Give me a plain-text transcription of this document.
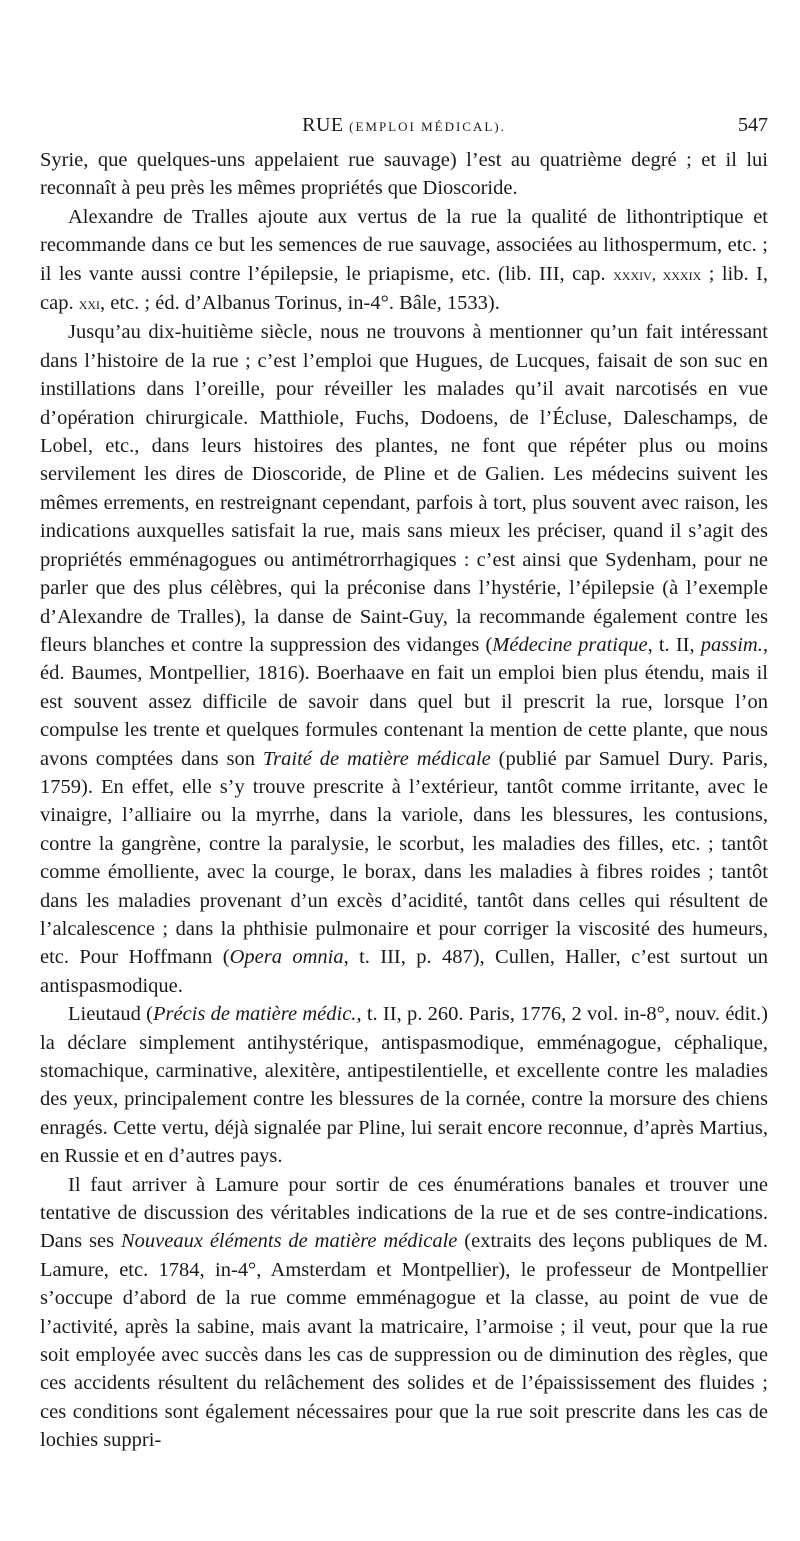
RUE (EMPLOI MÉDICAL).	547

Syrie, que quelques-uns appelaient rue sauvage) l’est au quatrième degré ; et il lui reconnaît à peu près les mêmes propriétés que Dioscoride.

Alexandre de Tralles ajoute aux vertus de la rue la qualité de lithontriptique et recommande dans ce but les semences de rue sauvage, associées au lithospermum, etc. ; il les vante aussi contre l’épilepsie, le priapisme, etc. (lib. III, cap. xxxiv, xxxix ; lib. I, cap. xxi, etc. ; éd. d’Albanus Torinus, in-4°. Bâle, 1533).

Jusqu’au dix-huitième siècle, nous ne trouvons à mentionner qu’un fait intéressant dans l’histoire de la rue ; c’est l’emploi que Hugues, de Lucques, faisait de son suc en instillations dans l’oreille, pour réveiller les malades qu’il avait narcotisés en vue d’opération chirurgicale. Matthiole, Fuchs, Dodoens, de l’Écluse, Daleschamps, de Lobel, etc., dans leurs histoires des plantes, ne font que répéter plus ou moins servilement les dires de Dioscoride, de Pline et de Galien. Les médecins suivent les mêmes errements, en restreignant cependant, parfois à tort, plus souvent avec raison, les indications auxquelles satisfait la rue, mais sans mieux les préciser, quand il s’agit des propriétés emménagogues ou antimétrorrhagiques : c’est ainsi que Sydenham, pour ne parler que des plus célèbres, qui la préconise dans l’hystérie, l’épilepsie (à l’exemple d’Alexandre de Tralles), la danse de Saint-Guy, la recommande également contre les fleurs blanches et contre la suppression des vidanges (Médecine pratique, t. II, passim., éd. Baumes, Montpellier, 1816). Boerhaave en fait un emploi bien plus étendu, mais il est souvent assez difficile de savoir dans quel but il prescrit la rue, lorsque l’on compulse les trente et quelques formules contenant la mention de cette plante, que nous avons comptées dans son Traité de matière médicale (publié par Samuel Dury. Paris, 1759). En effet, elle s’y trouve prescrite à l’extérieur, tantôt comme irritante, avec le vinaigre, l’alliaire ou la myrrhe, dans la variole, dans les blessures, les contusions, contre la gangrène, contre la paralysie, le scorbut, les maladies des filles, etc. ; tantôt comme émolliente, avec la courge, le borax, dans les maladies à fibres roides ; tantôt dans les maladies provenant d’un excès d’acidité, tantôt dans celles qui résultent de l’alcalescence ; dans la phthisie pulmonaire et pour corriger la viscosité des humeurs, etc. Pour Hoffmann (Opera omnia, t. III, p. 487), Cullen, Haller, c’est surtout un antispasmodique.

Lieutaud (Précis de matière médic., t. II, p. 260. Paris, 1776, 2 vol. in-8°, nouv. édit.) la déclare simplement antihystérique, antispasmodique, emménagogue, céphalique, stomachique, carminative, alexitère, antipestilentielle, et excellente contre les maladies des yeux, principalement contre les blessures de la cornée, contre la morsure des chiens enragés. Cette vertu, déjà signalée par Pline, lui serait encore reconnue, d’après Martius, en Russie et en d’autres pays.

Il faut arriver à Lamure pour sortir de ces énumérations banales et trouver une tentative de discussion des véritables indications de la rue et de ses contre-indications. Dans ses Nouveaux éléments de matière médicale (extraits des leçons publiques de M. Lamure, etc. 1784, in-4°, Amsterdam et Montpellier), le professeur de Montpellier s’occupe d’abord de la rue comme emménagogue et la classe, au point de vue de l’activité, après la sabine, mais avant la matricaire, l’armoise ; il veut, pour que la rue soit employée avec succès dans les cas de suppression ou de diminution des règles, que ces accidents résultent du relâchement des solides et de l’épaississement des fluides ; ces conditions sont également nécessaires pour que la rue soit prescrite dans les cas de lochies suppri-
